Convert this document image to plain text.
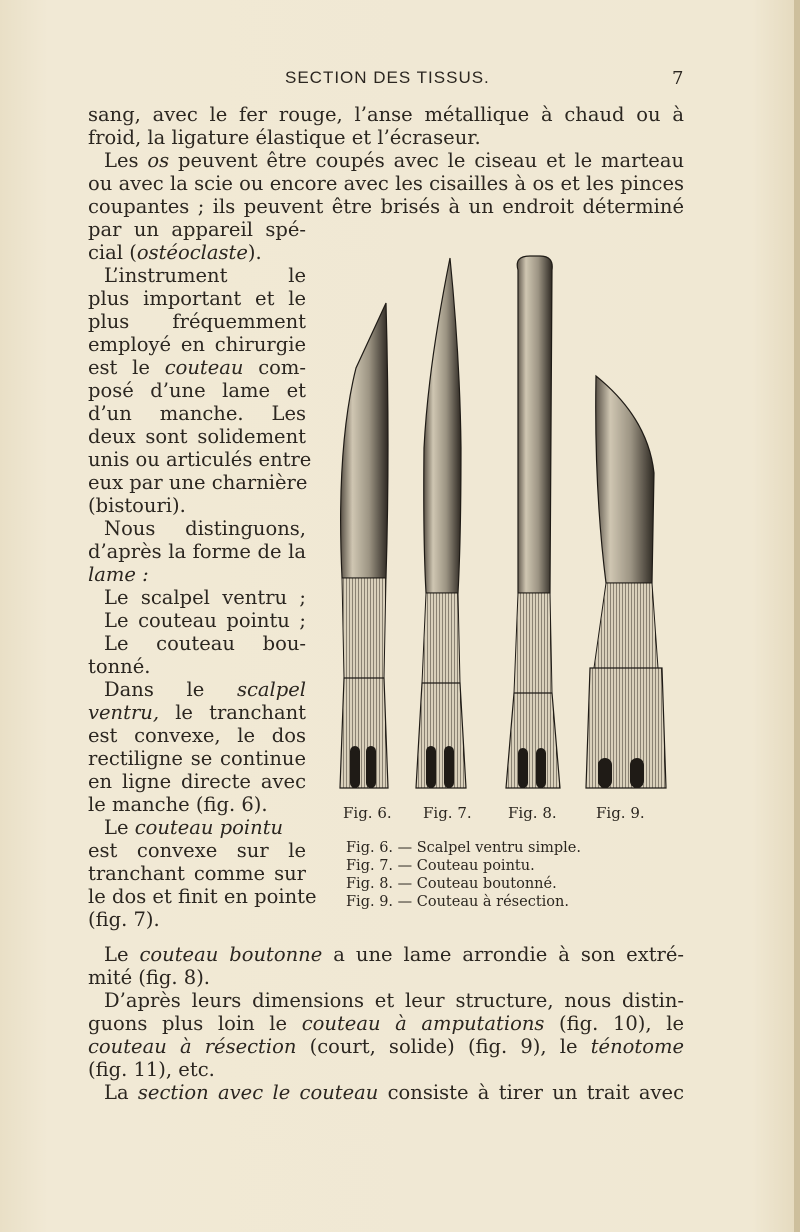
SECTION DES TISSUS.	7
sang, avec le fer rouge, l’anse métallique à chaud ou à
froid, la ligature élastique et l’écraseur.
Les os peuvent être coupés avec le ciseau et le marteau
ou avec la scie ou encore avec les cisailles à os et les pinces
coupantes ; ils peuvent être brisés à un endroit déterminé
par un appareil spé-
cial (ostéoclaste).
L’instrument le
plus important et le
plus fréquemment
employé en chirurgie
est le couteau com-
posé d’une lame et
d’un manche. Les
deux sont solidement
unis ou articulés entre
eux par une charnière
(bistouri).
Nous distinguons,
d’après la forme de la
lame :
Le scalpel ventru ;
Le couteau pointu ;
Le couteau bou-
tonné.
Dans le scalpel
ventru, le tranchant
est convexe, le dos
rectiligne se continue
en ligne directe avec
le manche (fig. 6).
Le couteau pointu
est convexe sur le
tranchant comme sur
le dos et finit en pointe
(fig. 7).
Le couteau boutonne a une lame arrondie à son extré-
mité (fig. 8).
D’après leurs dimensions et leur structure, nous distin-
guons plus loin le couteau à amputations (fig. 10), le
couteau à résection (court, solide) (fig. 9), le ténotome
(fig. 11), etc.
La section avec le couteau consiste à tirer un trait avec
Fig. 6. Fig. 7. Fig. 8.	Fig. 9.
Fig. 6. — Scalpel ventru simple.
Fig. 7. — Couteau pointu.
Fig. 8. — Couteau boutonné.
Fig. 9. — Couteau à résection.
